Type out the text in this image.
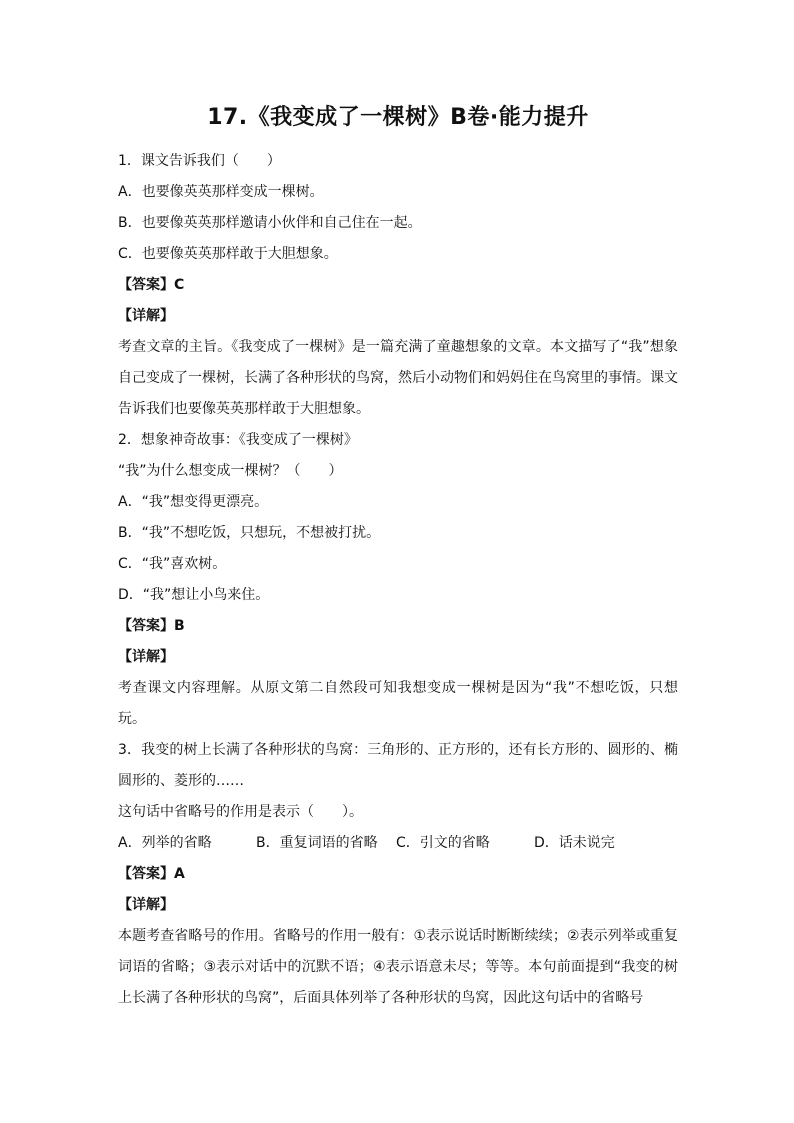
17.《我变成了一棵树》B卷·能力提升
1．课文告诉我们（　　）
A．也要像英英那样变成一棵树。
B．也要像英英那样邀请小伙伴和自己住在一起。
C．也要像英英那样敢于大胆想象。
【答案】C
【详解】

考查文章的主旨。《我变成了一棵树》是一篇充满了童趣想象的文章。本文描写了“我”想象自己变成了一棵树，长满了各种形状的鸟窝，然后小动物们和妈妈住在鸟窝里的事情。课文告诉我们也要像英英那样敢于大胆想象。

2．想象神奇故事：《我变成了一棵树》
“我”为什么想变成一棵树？（　　）
A．“我”想变得更漂亮。
B．“我”不想吃饭，只想玩，不想被打扰。
C．“我”喜欢树。
D．“我”想让小鸟来住。
【答案】B
【详解】

考查课文内容理解。从原文第二自然段可知我想变成一棵树是因为“我”不想吃饭，只想玩。

3．我变的树上长满了各种形状的鸟窝：三角形的、正方形的，还有长方形的、圆形的、椭圆形的、菱形的……

这句话中省略号的作用是表示（　　）。
A．列举的省略	B．重复词语的省略	C．引文的省略	D．话未说完
【答案】A
【详解】

本题考查省略号的作用。省略号的作用一般有：①表示说话时断断续续；②表示列举或重复词语的省略；③表示对话中的沉默不语；④表示语意未尽；等等。本句前面提到“我变的树上长满了各种形状的鸟窝”，后面具体列举了各种形状的鸟窝，因此这句话中的省略号
